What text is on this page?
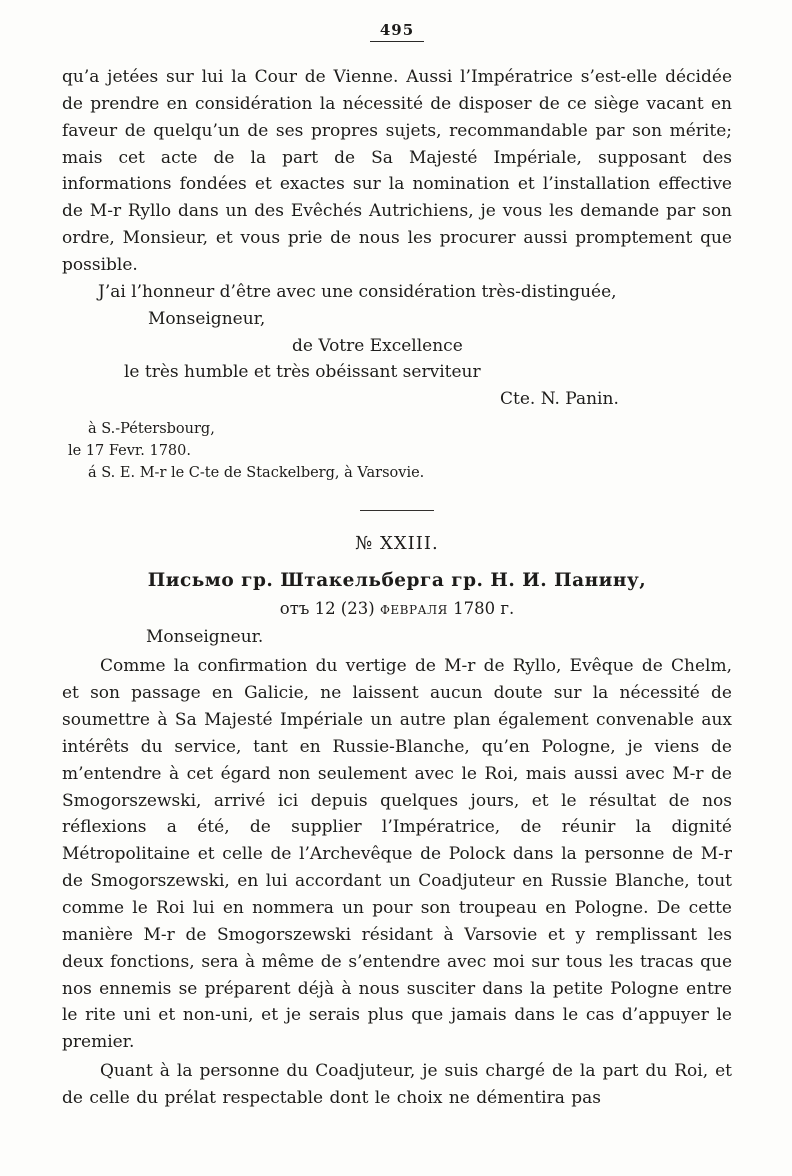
495

qu’a jetées sur lui la Cour de Vienne. Aussi l’Impératrice s’est-elle décidée de prendre en considération la nécessité de disposer de ce siège vacant en faveur de quelqu’un de ses propres sujets, recommandable par son mérite; mais cet acte de la part de Sa Majesté Impériale, supposant des informations fondées et exactes sur la nomination et l’installation effective de M-r Ryllo dans un des Evêchés Autrichiens, je vous les demande par son ordre, Monsieur, et vous prie de nous les procurer aussi promptement que possible.

J’ai l’honneur d’être avec une considération très-distinguée,

Monseigneur,

de Votre Excellence

le très humble et très obéissant serviteur

Cte. N. Panin.

à S.-Pétersbourg,

le 17 Fevr. 1780.

á S. E. M-r le C-te de Stackelberg, à Varsovie.

№ XXIII.
Письмо гр. Штакельберга гр. Н. И. Панину,

отъ 12 (23) февраля 1780 г.

Monseigneur.

Comme la confirmation du vertige de M-r de Ryllo, Evêque de Chelm, et son passage en Galicie, ne laissent aucun doute sur la nécessité de soumettre à Sa Majesté Impériale un autre plan également convenable aux intérêts du service, tant en Russie-Blanche, qu’en Pologne, je viens de m’entendre à cet égard non seulement avec le Roi, mais aussi avec M-r de Smogorszewski, arrivé ici depuis quelques jours, et le résultat de nos réflexions a été, de supplier l’Impératrice, de réunir la dignité Métropolitaine et celle de l’Archevêque de Polock dans la personne de M-r de Smogorszewski, en lui accordant un Coadjuteur en Russie Blanche, tout comme le Roi lui en nommera un pour son troupeau en Pologne. De cette manière M-r de Smogorszewski résidant à Varsovie et y remplissant les deux fonctions, sera à même de s’entendre avec moi sur tous les tracas que nos ennemis se préparent déjà à nous susciter dans la petite Pologne entre le rite uni et non-uni, et je serais plus que jamais dans le cas d’appuyer le premier.

Quant à la personne du Coadjuteur, je suis chargé de la part du Roi, et de celle du prélat respectable dont le choix ne démentira pas
